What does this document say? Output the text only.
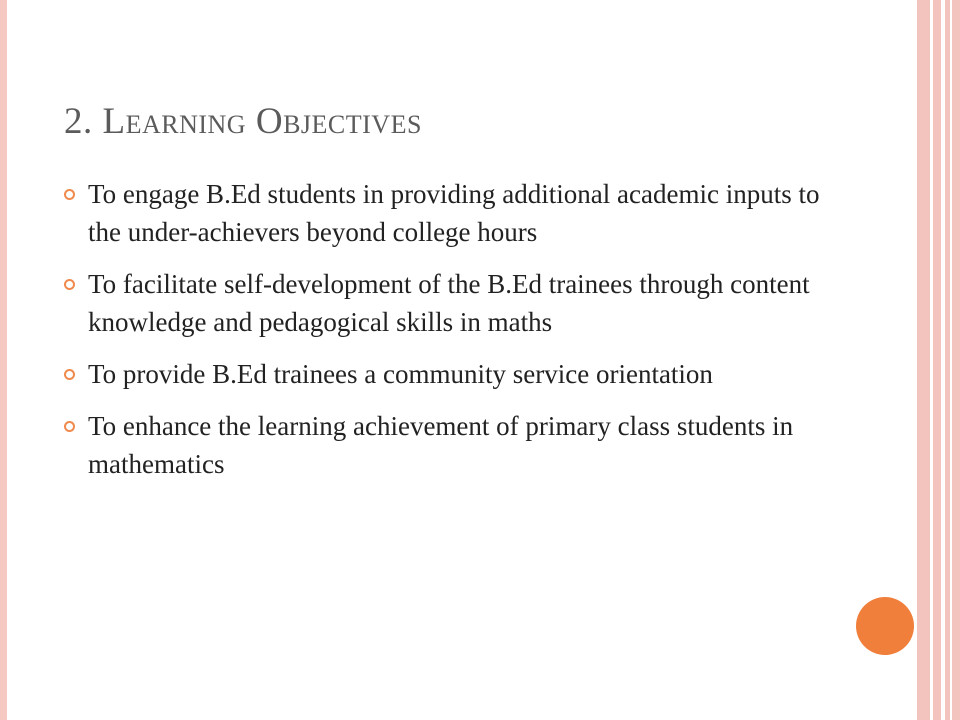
2. Learning Objectives
To engage B.Ed students in providing additional academic inputs to the under-achievers beyond college hours
To facilitate self-development of the B.Ed trainees through content knowledge and pedagogical skills in maths
To provide B.Ed trainees a community service orientation
To enhance the learning achievement of primary class students in mathematics
